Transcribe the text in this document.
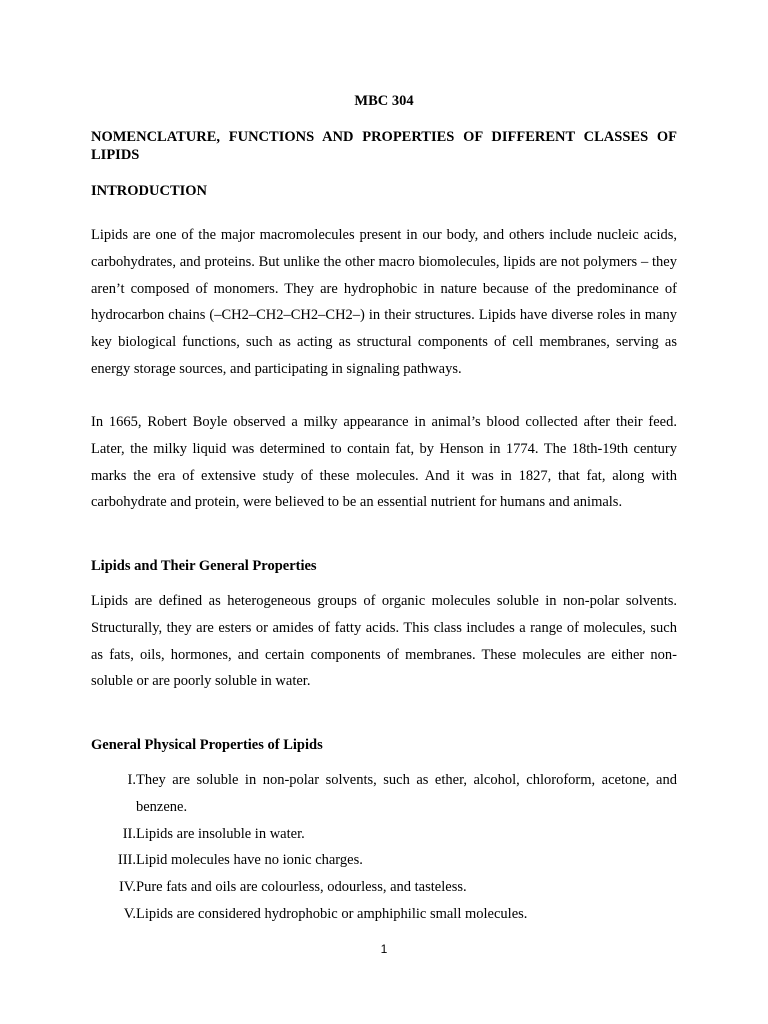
MBC 304
NOMENCLATURE, FUNCTIONS AND PROPERTIES OF DIFFERENT CLASSES OF LIPIDS
INTRODUCTION

Lipids are one of the major macromolecules present in our body, and others include nucleic acids, carbohydrates, and proteins. But unlike the other macro biomolecules, lipids are not polymers – they aren’t composed of monomers. They are hydrophobic in nature because of the predominance of hydrocarbon chains (–CH2–CH2–CH2–CH2–) in their structures. Lipids have diverse roles in many key biological functions, such as acting as structural components of cell membranes, serving as energy storage sources, and participating in signaling pathways.

In 1665, Robert Boyle observed a milky appearance in animal’s blood collected after their feed. Later, the milky liquid was determined to contain fat, by Henson in 1774. The 18th-19th century marks the era of extensive study of these molecules. And it was in 1827, that fat, along with carbohydrate and protein, were believed to be an essential nutrient for humans and animals.

Lipids and Their General Properties

Lipids are defined as heterogeneous groups of organic molecules soluble in non-polar solvents. Structurally, they are esters or amides of fatty acids. This class includes a range of molecules, such as fats, oils, hormones, and certain components of membranes. These molecules are either non-soluble or are poorly soluble in water.

General Physical Properties of Lipids
I. They are soluble in non-polar solvents, such as ether, alcohol, chloroform, acetone, and benzene.
II. Lipids are insoluble in water.
III. Lipid molecules have no ionic charges.
IV. Pure fats and oils are colourless, odourless, and tasteless.
V. Lipids are considered hydrophobic or amphiphilic small molecules.
1
